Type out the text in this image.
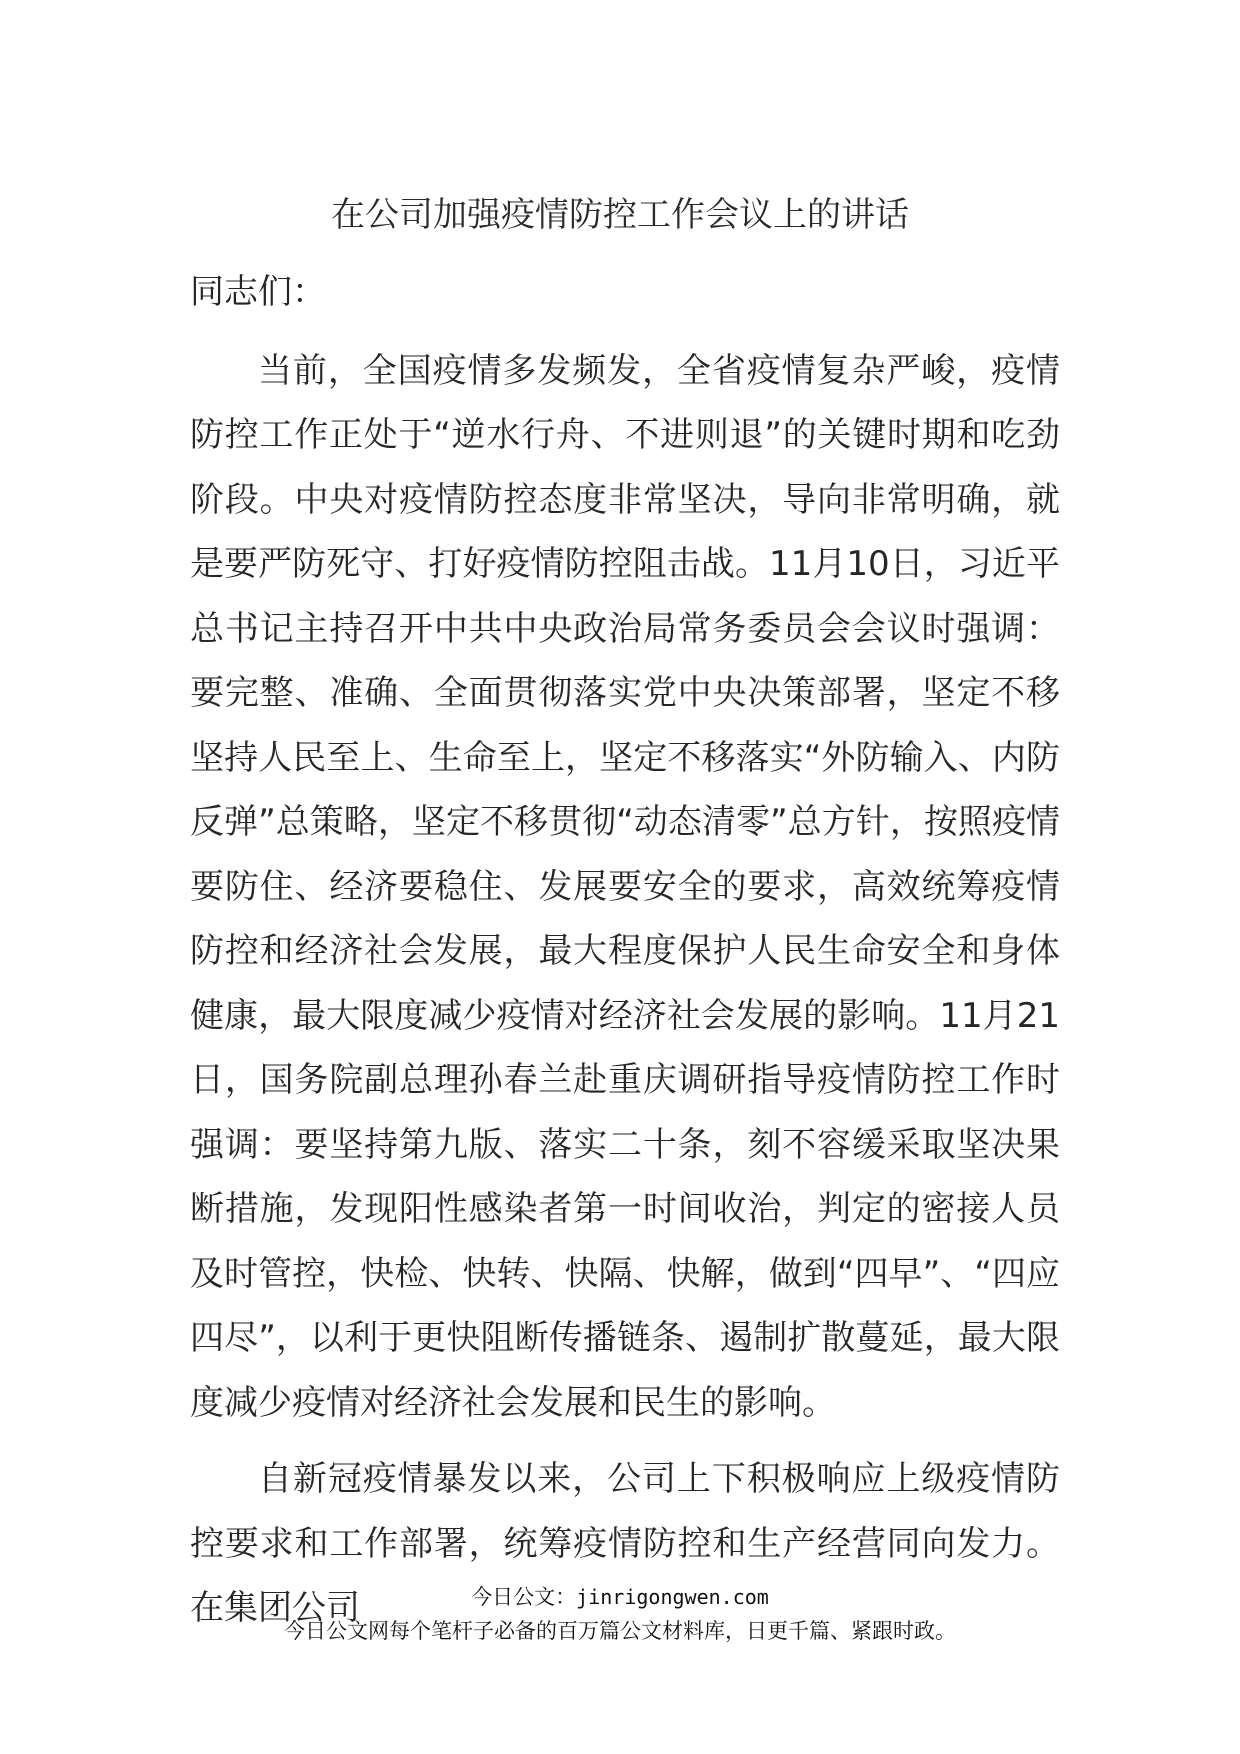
在公司加强疫情防控工作会议上的讲话

同志们：

当前，全国疫情多发频发，全省疫情复杂严峻，疫情防控工作正处于“逆水行舟、不进则退”的关键时期和吃劲阶段。中央对疫情防控态度非常坚决，导向非常明确，就是要严防死守、打好疫情防控阻击战。11月10日，习近平总书记主持召开中共中央政治局常务委员会会议时强调：要完整、准确、全面贯彻落实党中央决策部署，坚定不移坚持人民至上、生命至上，坚定不移落实“外防输入、内防反弹”总策略，坚定不移贯彻“动态清零”总方针，按照疫情要防住、经济要稳住、发展要安全的要求，高效统筹疫情防控和经济社会发展，最大程度保护人民生命安全和身体健康，最大限度减少疫情对经济社会发展的影响。11月21日，国务院副总理孙春兰赴重庆调研指导疫情防控工作时强调：要坚持第九版、落实二十条，刻不容缓采取坚决果断措施，发现阳性感染者第一时间收治，判定的密接人员及时管控，快检、快转、快隔、快解，做到“四早”、“四应四尽”，以利于更快阻断传播链条、遏制扩散蔓延，最大限度减少疫情对经济社会发展和民生的影响。

自新冠疫情暴发以来，公司上下积极响应上级疫情防控要求和工作部署，统筹疫情防控和生产经营同向发力。在集团公司	今日公文：jinrigongwen.com
今日公文网每个笔杆子必备的百万篇公文材料库，日更千篇、紧跟时政。
